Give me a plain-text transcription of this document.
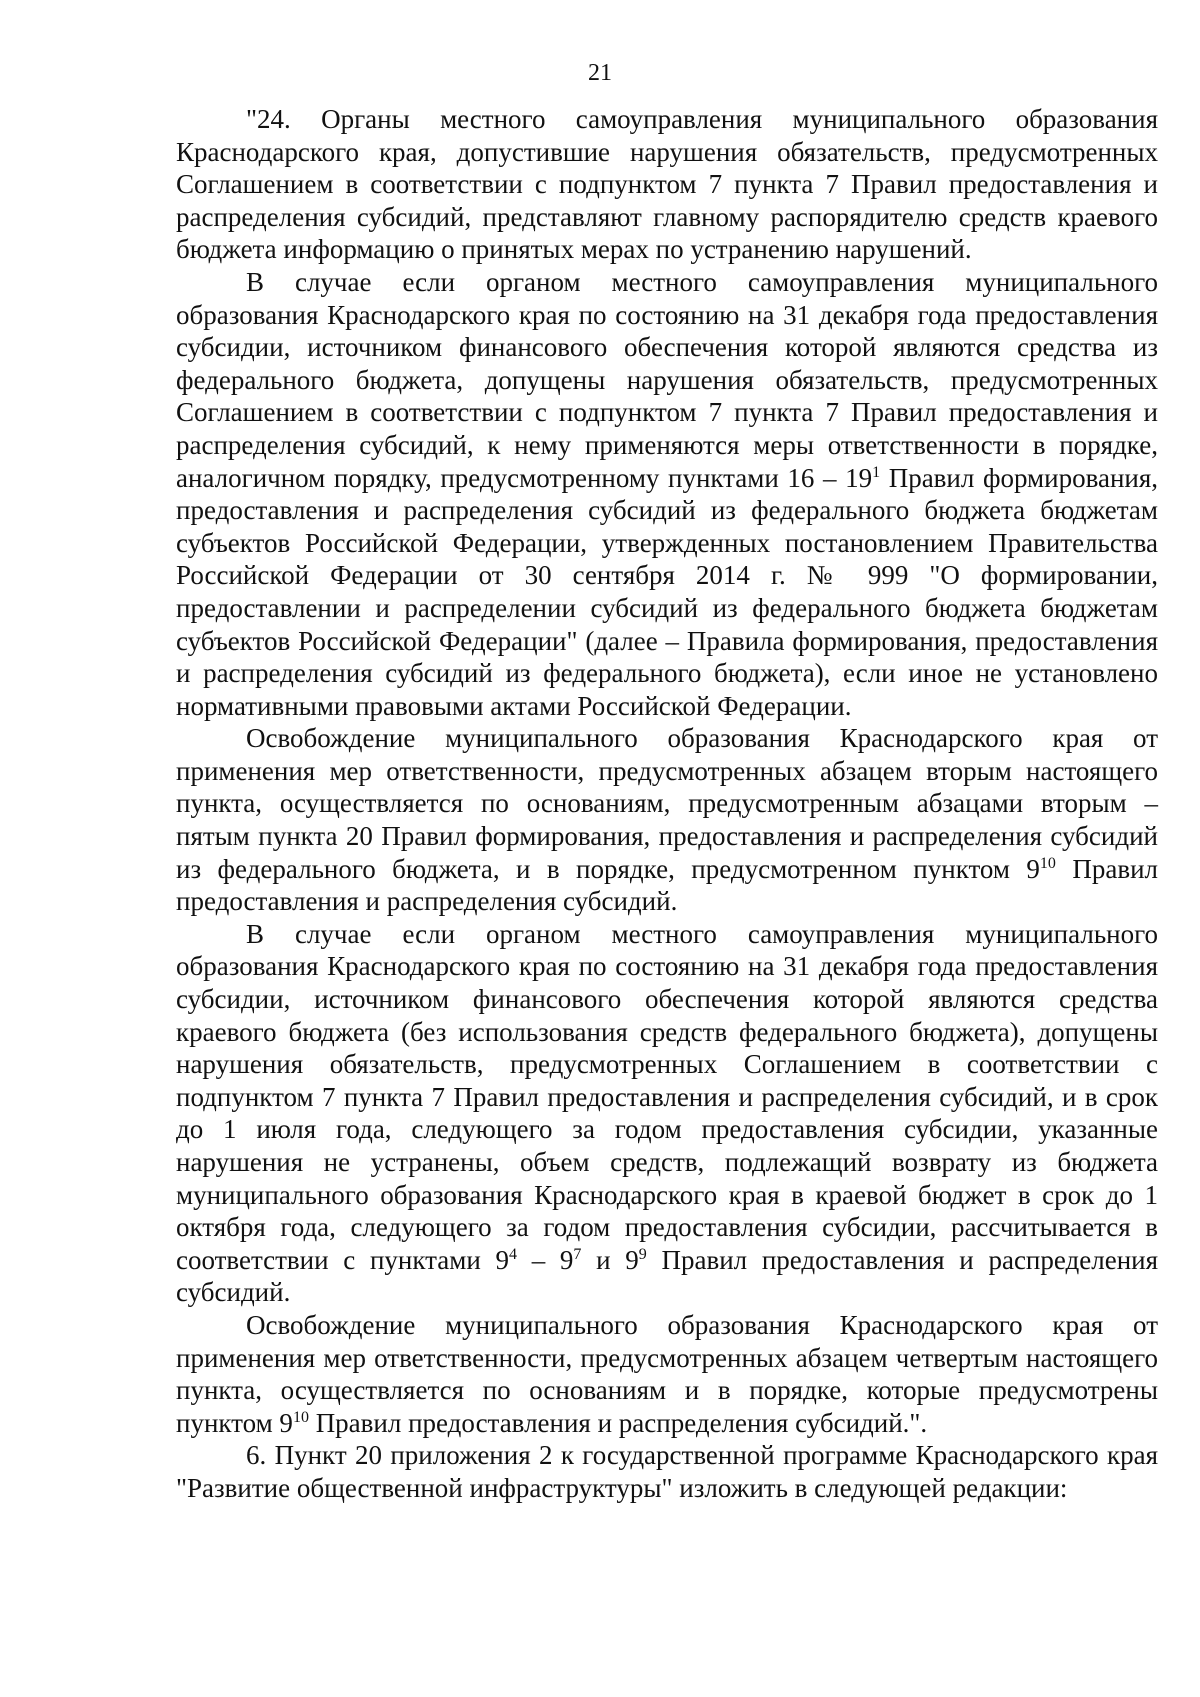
21

"24. Органы местного самоуправления муниципального образования Краснодарского края, допустившие нарушения обязательств, предусмотренных Соглашением в соответствии с подпунктом 7 пункта 7 Правил предоставления и распределения субсидий, представляют главному распорядителю средств краевого бюджета информацию о принятых мерах по устранению нарушений.

В случае если органом местного самоуправления муниципального образования Краснодарского края по состоянию на 31 декабря года предоставления субсидии, источником финансового обеспечения которой являются средства из федерального бюджета, допущены нарушения обязательств, предусмотренных Соглашением в соответствии с подпунктом 7 пункта 7 Правил предоставления и распределения субсидий, к нему применяются меры ответственности в порядке, аналогичном порядку, предусмотренному пунктами $16 - 19^1$ Правил формирования, предоставления и распределения субсидий из федерального бюджета бюджетам субъектов Российской Федерации, утвержденных постановлением Правительства Российской Федерации от 30 сентября 2014 г. № 999 "О формировании, предоставлении и распределении субсидий из федерального бюджета бюджетам субъектов Российской Федерации" (далее – Правила формирования, предоставления и распределения субсидий из федерального бюджета), если иное не установлено нормативными правовыми актами Российской Федерации.

Освобождение муниципального образования Краснодарского края от применения мер ответственности, предусмотренных абзацем вторым настоящего пункта, осуществляется по основаниям, предусмотренным абзацами вторым – пятым пункта 20 Правил формирования, предоставления и распределения субсидий из федерального бюджета, и в порядке, предусмотренном пунктом $9^{10}$ Правил предоставления и распределения субсидий.

В случае если органом местного самоуправления муниципального образования Краснодарского края по состоянию на 31 декабря года предоставления субсидии, источником финансового обеспечения которой являются средства краевого бюджета (без использования средств федерального бюджета), допущены нарушения обязательств, предусмотренных Соглашением в соответствии с подпунктом 7 пункта 7 Правил предоставления и распределения субсидий, и в срок до 1 июля года, следующего за годом предоставления субсидии, указанные нарушения не устранены, объем средств, подлежащий возврату из бюджета муниципального образования Краснодарского края в краевой бюджет в срок до 1 октября года, следующего за годом предоставления субсидии, рассчитывается в соответствии с пунктами $9^4 - 9^7$ и $9^9$ Правил предоставления и распределения субсидий.

Освобождение муниципального образования Краснодарского края от применения мер ответственности, предусмотренных абзацем четвертым настоящего пункта, осуществляется по основаниям и в порядке, которые предусмотрены пунктом $9^{10}$ Правил предоставления и распределения субсидий.".

6. Пункт 20 приложения 2 к государственной программе Краснодарского края "Развитие общественной инфраструктуры" изложить в следующей редакции:
